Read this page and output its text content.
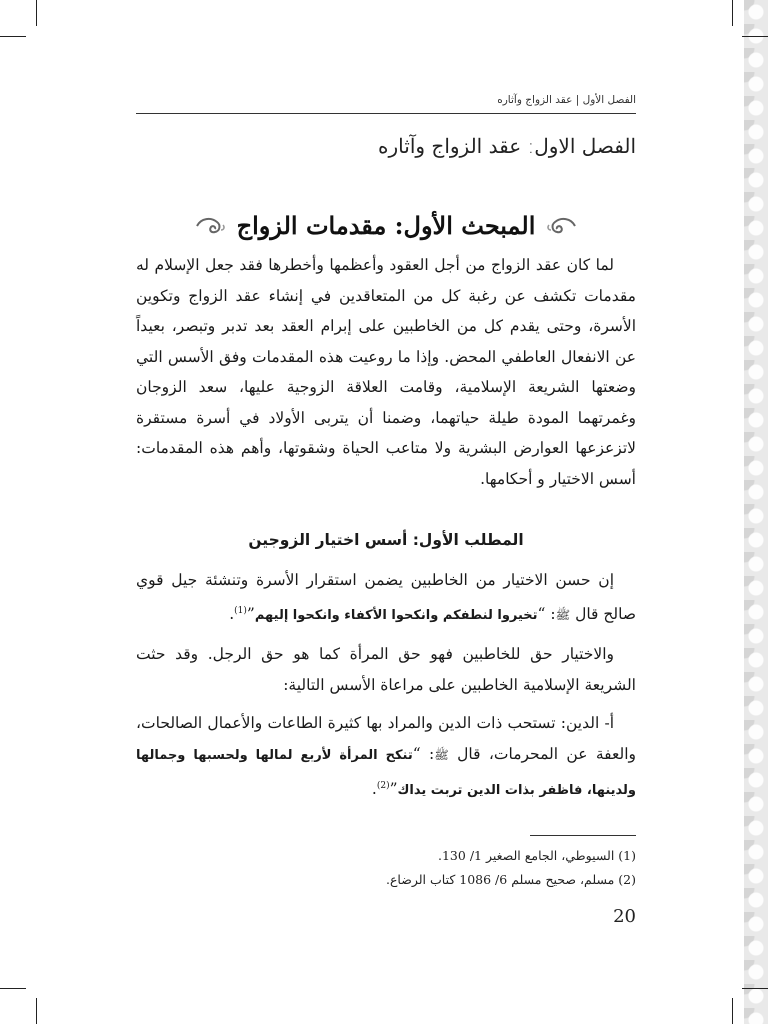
الفصل الأول | عقد الزواج وآثاره
الفصل الاول: عقد الزواج وآثاره
المبحث الأول: مقدمات الزواج

لما كان عقد الزواج من أجل العقود وأعظمها وأخطرها فقد جعل الإسلام له مقدمات تكشف عن رغبة كل من المتعاقدين في إنشاء عقد الزواج وتكوين الأسرة، وحتى يقدم كل من الخاطبين على إبرام العقد بعد تدبر وتبصر، بعيداً عن الانفعال العاطفي المحض. وإذا ما روعيت هذه المقدمات وفق الأسس التي وضعتها الشريعة الإسلامية، وقامت العلاقة الزوجية عليها، سعد الزوجان وغمرتهما المودة طيلة حياتهما، وضمنا أن يتربى الأولاد في أسرة مستقرة لاتزعزعها العوارض البشرية ولا متاعب الحياة وشقوتها، وأهم هذه المقدمات: أسس الاختيار و أحكامها.

المطلب الأول: أسس اختيار الزوجين

إن حسن الاختيار من الخاطبين يضمن استقرار الأسرة وتنشئة جيل قوي صالح قال ﷺ: “تخيروا لنطفكم وانكحوا الأكفاء وانكحوا إليهم”$^{(1)}$.

والاختيار حق للخاطبين فهو حق المرأة كما هو حق الرجل. وقد حثت الشريعة الإسلامية الخاطبين على مراعاة الأسس التالية:

أ- الدين: تستحب ذات الدين والمراد بها كثيرة الطاعات والأعمال الصالحات، والعفة عن المحرمات، قال ﷺ: “تنكح المرأة لأربع لمالها ولحسبها وجمالها ولدينها، فاظفر بذات الدين تربت يداك”$^{(2)}$.

(1) السيوطي، الجامع الصغير 1/ 130.
(2) مسلم، صحيح مسلم 6/ 1086 كتاب الرضاع.
20
